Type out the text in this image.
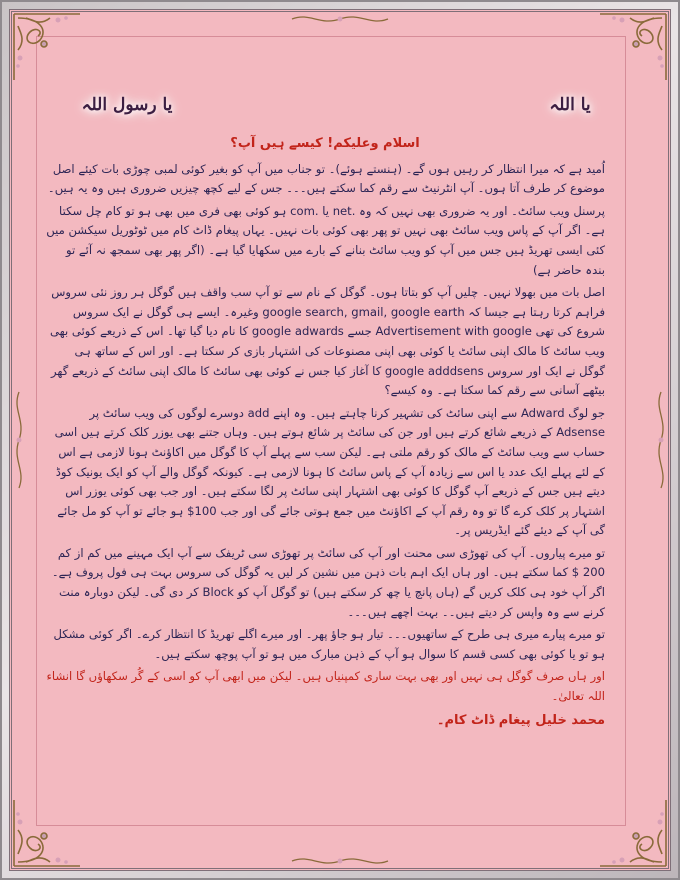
یا اللہ
یا رسول اللہ

اسلام وعلیکم! کیسے ہیں آپ؟

اُمید ہے کہ میرا انتظار کر رہیں ہوں گے۔ (ہنستے ہوئے)۔ تو جناب میں آپ کو بغیر کوئی لمبی چوڑی بات کیئے اصل موضوع کر طرف آتا ہوں۔ آپ انٹرنیٹ سے رقم کما سکتے ہیں۔۔۔ جس کے لیے کچھ چیزیں ضروری ہیں وہ یہ ہیں۔

پرسنل ویب سائٹ۔ اور یہ ضروری بھی نہیں کہ وہ .net یا .com ہو کوئی بھی فری میں بھی ہو تو کام چل سکتا ہے۔ اگر آپ کے پاس ویب سائٹ بھی نہیں تو پھر بھی کوئی بات نہیں۔ یہاں پیغام ڈاٹ کام میں ٹوٹوریل سیکشن میں کئی ایسی تھریڈ ہیں جس میں آپ کو ویب سائٹ بنانے کے بارے میں سکھایا گیا ہے۔ (اگر پھر بھی سمجھ نہ آئے تو بندہ حاضر ہے)

اصل بات میں بھولا نہیں۔ چلیں آپ کو بتاتا ہوں۔ گوگل کے نام سے تو آپ سب واقف ہیں گوگل ہر روز نئی سروس فراہم کرتا رہتا ہے جیسا کہ google search, gmail, google earth وغیرہ۔ ایسے ہی گوگل نے ایک سروس شروع کی تھی Advertisement with google جسے google adwards کا نام دیا گیا تھا۔ اس کے ذریعے کوئی بھی ویب سائٹ کا مالک اپنی سائٹ یا کوئی بھی اپنی مصنوعات کی اشتہار بازی کر سکتا ہے۔ اور اس کے ساتھ ہی گوگل نے ایک اور سروس google adddsens کا آغاز کیا جس نے کوئی بھی سائٹ کا مالک اپنی سائٹ کے ذریعے گھر بیٹھے آسانی سے رقم کما سکتا ہے۔ وہ کیسے؟

جو لوگ Adward سے اپنی سائٹ کی تشہیر کرنا چاہتے ہیں۔ وہ اپنے add دوسرے لوگوں کی ویب سائٹ پر Adsense کے ذریعے شائع کرتے ہیں اور جن کی سائٹ پر شائع ہوتے ہیں۔ وہاں جتنے بھی یوزر کلک کرتے ہیں اسی حساب سے ویب سائٹ کے مالک کو رقم ملتی ہے۔ لیکن سب سے پہلے آپ کا گوگل میں اکاؤنٹ ہونا لازمی ہے اس کے لئے پہلے ایک عدد یا اس سے زیادہ آپ کے پاس سائٹ کا ہونا لازمی ہے۔ کیونکہ گوگل والے آپ کو ایک یونیک کوڈ دیتے ہیں جس کے ذریعے آپ گوگل کا کوئی بھی اشتہار اپنی سائٹ پر لگا سکتے ہیں۔ اور جب بھی کوئی یوزر اس اشتہار پر کلک کرے گا تو وہ رقم آپ کے اکاؤنٹ میں جمع ہوتی جائے گی اور جب 100$ ہو جائے تو آپ کو مل جائے گی آپ کے دیئے گئے ایڈریس پر۔

تو میرے پیاروں۔ آپ کی تھوڑی سی محنت اور آپ کی سائٹ پر تھوڑی سی ٹریفک سے آپ ایک مہینے میں کم از کم 200 $ کما سکتے ہیں۔ اور ہاں ایک اہم بات ذہن میں نشین کر لیں یہ گوگل کی سروس بہت ہی فول پروف ہے۔ اگر آپ خود ہی کلک کریں گے (ہاں پانچ یا چھ کر سکتے ہیں) تو گوگل آپ کو Block کر دی گی۔ لیکن دوبارہ منت کرنے سے وہ واپس کر دیتے ہیں۔۔ بہت اچھے ہیں۔۔۔

تو میرے پیارے میری ہی طرح کے ساتھیوں۔۔۔ تیار ہو جاؤ پھر۔ اور میرے اگلے تھریڈ کا انتظار کرے۔ اگر کوئی مشکل ہو تو یا کوئی بھی کسی قسم کا سوال ہو آپ کے ذہن مبارک میں ہو تو آپ پوچھ سکتے ہیں۔

اور ہاں صرف گوگل ہی نہیں اور بھی بہت ساری کمپنیاں ہیں۔ لیکن میں ابھی آپ کو اسی کے گُر سکھاؤں گا انشاء اللہ تعالیٰ۔

محمد خلیل پیغام ڈاٹ کام۔
